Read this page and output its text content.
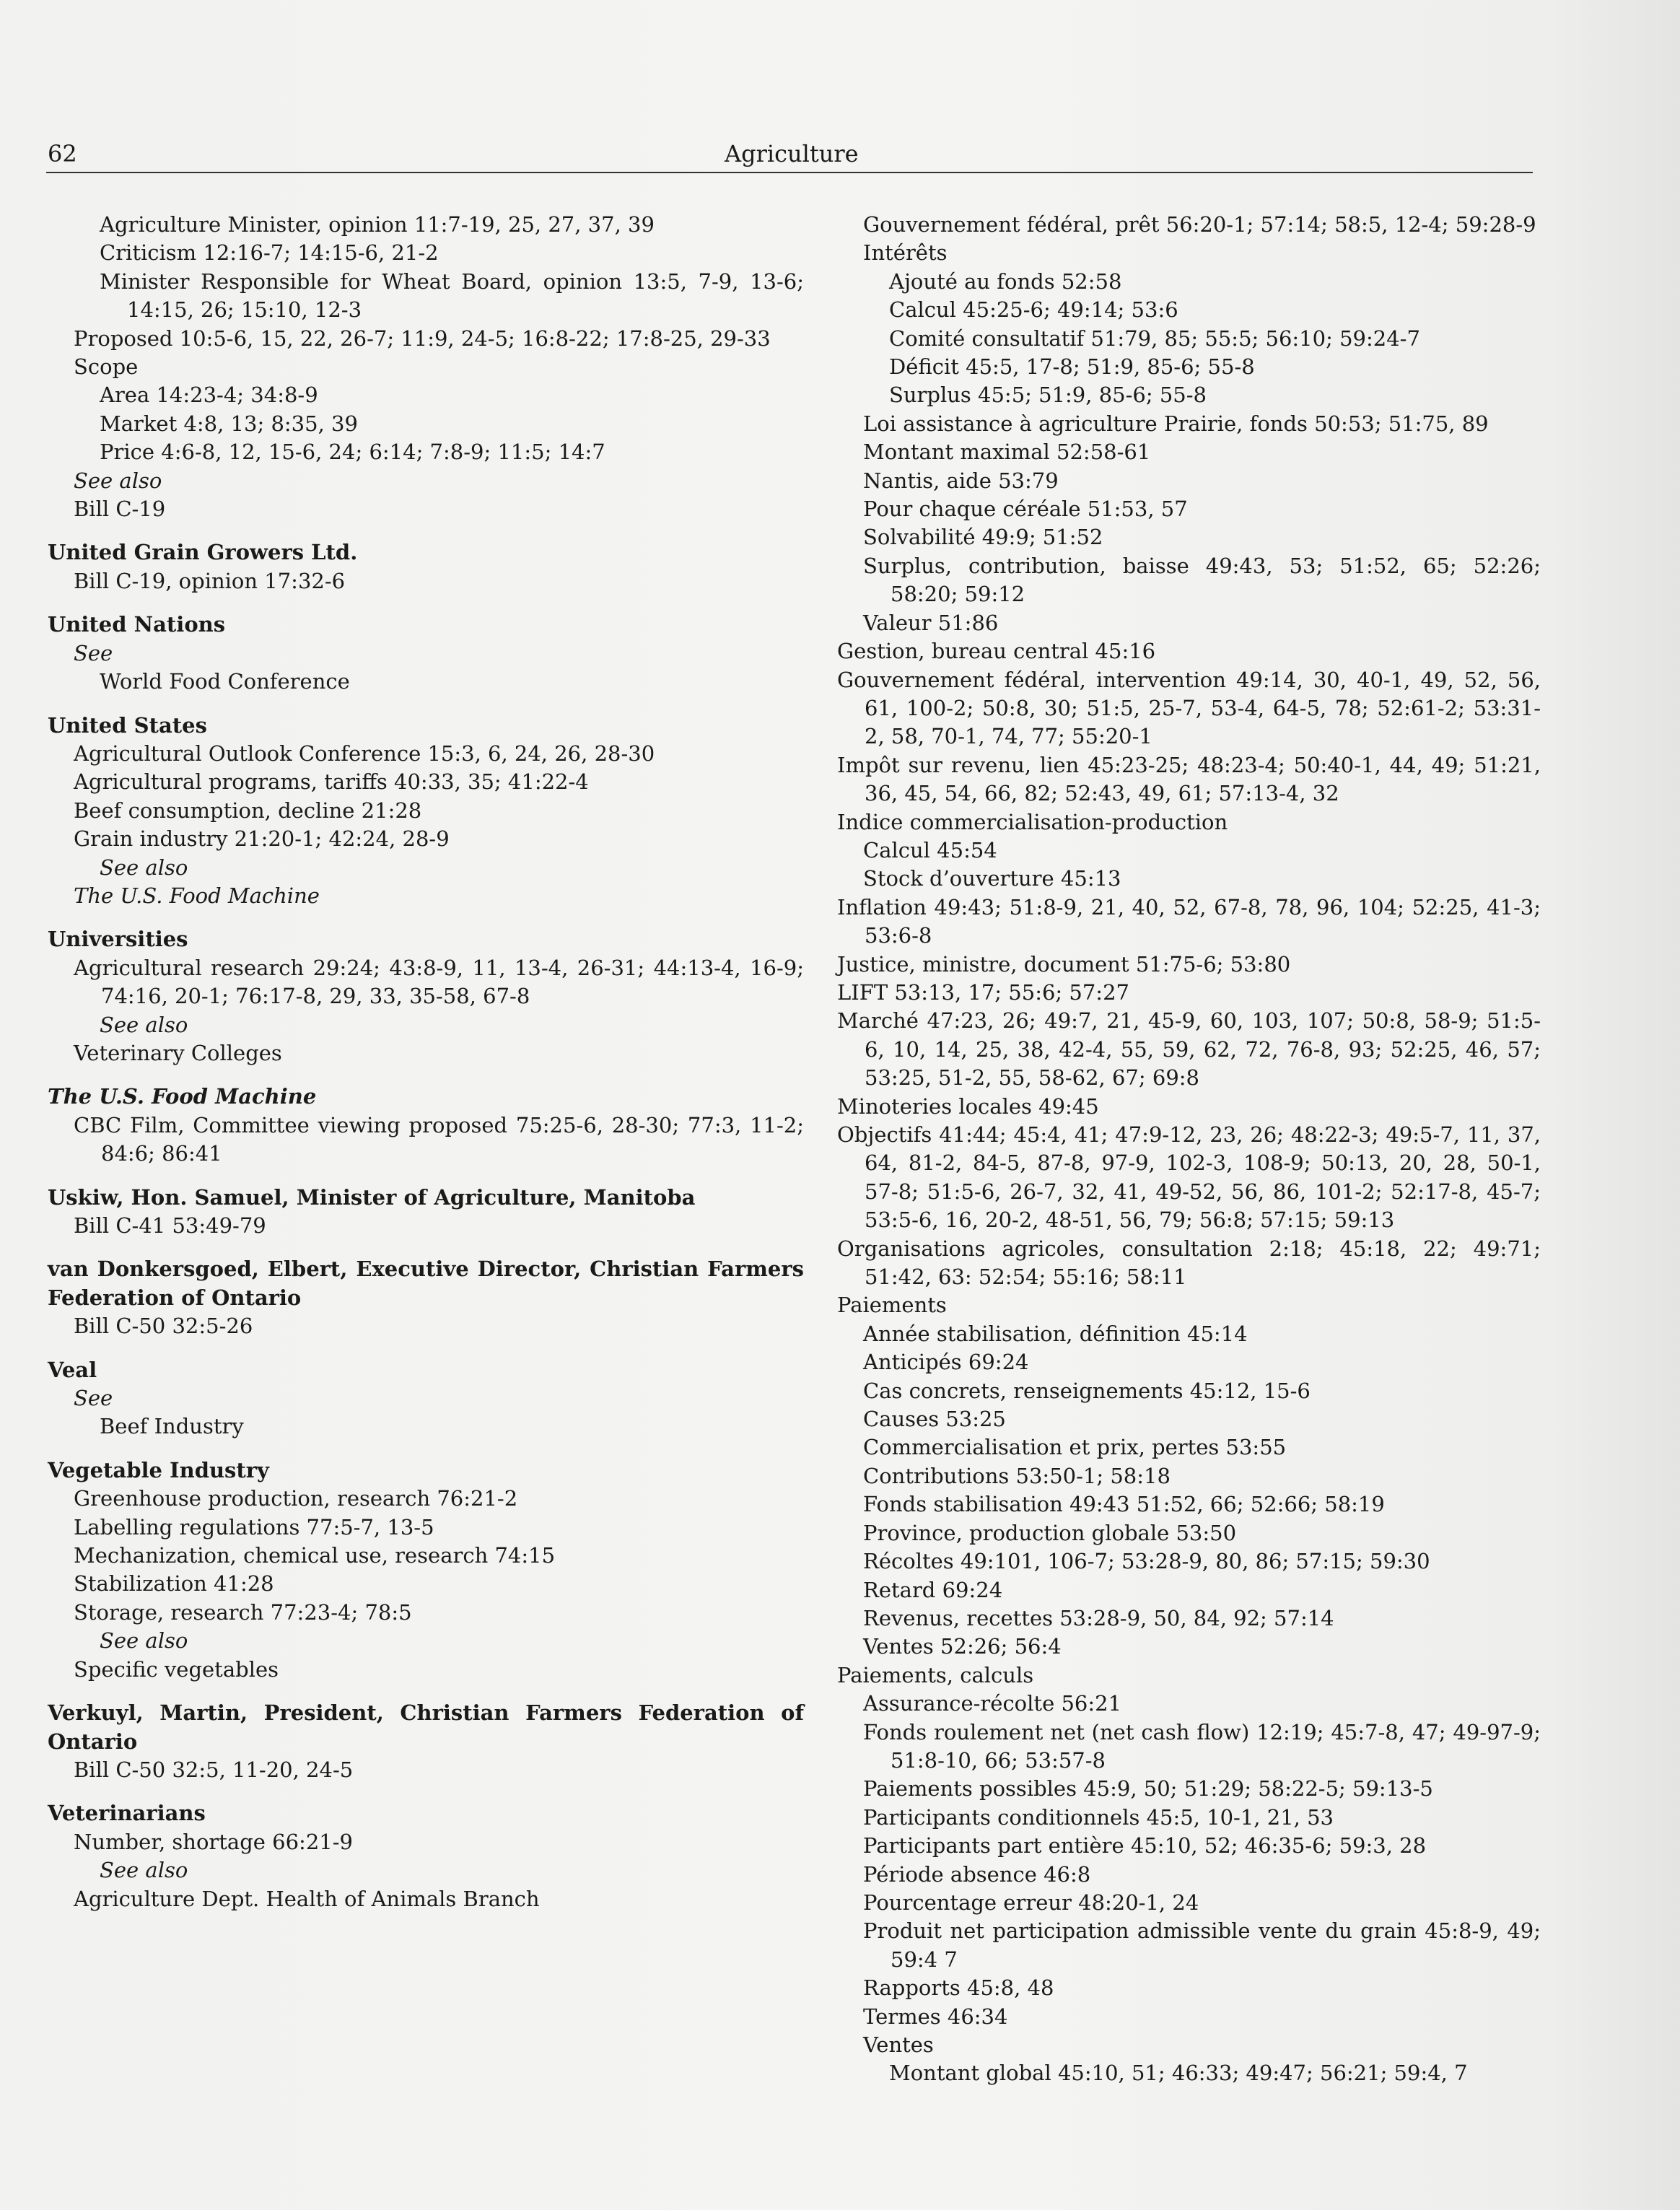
62	Agriculture

Agriculture Minister, opinion 11:7-19, 25, 27, 37, 39

Criticism 12:16-7; 14:15-6, 21-2

Minister Responsible for Wheat Board, opinion 13:5, 7-9, 13-6; 14:15, 26; 15:10, 12-3

Proposed 10:5-6, 15, 22, 26-7; 11:9, 24-5; 16:8-22; 17:8-25, 29-33

Scope

Area 14:23-4; 34:8-9

Market 4:8, 13; 8:35, 39

Price 4:6-8, 12, 15-6, 24; 6:14; 7:8-9; 11:5; 14:7

See also

Bill C-19

United Grain Growers Ltd.

Bill C-19, opinion 17:32-6

United Nations

See

World Food Conference

United States

Agricultural Outlook Conference 15:3, 6, 24, 26, 28-30

Agricultural programs, tariffs 40:33, 35; 41:22-4

Beef consumption, decline 21:28

Grain industry 21:20-1; 42:24, 28-9

See also

The U.S. Food Machine

Universities

Agricultural research 29:24; 43:8-9, 11, 13-4, 26-31; 44:13-4, 16-9; 74:16, 20-1; 76:17-8, 29, 33, 35-58, 67-8

See also

Veterinary Colleges

The U.S. Food Machine

CBC Film, Committee viewing proposed 75:25-6, 28-30; 77:3, 11-2; 84:6; 86:41

Uskiw, Hon. Samuel, Minister of Agriculture, Manitoba

Bill C-41 53:49-79

van Donkersgoed, Elbert, Executive Director, Christian Farmers Federation of Ontario

Bill C-50 32:5-26

Veal

See

Beef Industry

Vegetable Industry

Greenhouse production, research 76:21-2

Labelling regulations 77:5-7, 13-5

Mechanization, chemical use, research 74:15

Stabilization 41:28

Storage, research 77:23-4; 78:5

See also

Specific vegetables

Verkuyl, Martin, President, Christian Farmers Federation of Ontario

Bill C-50 32:5, 11-20, 24-5

Veterinarians

Number, shortage 66:21-9

See also

Agriculture Dept. Health of Animals Branch

Gouvernement fédéral, prêt 56:20-1; 57:14; 58:5, 12-4; 59:28-9

Intérêts

Ajouté au fonds 52:58

Calcul 45:25-6; 49:14; 53:6

Comité consultatif 51:79, 85; 55:5; 56:10; 59:24-7

Déficit 45:5, 17-8; 51:9, 85-6; 55-8

Surplus 45:5; 51:9, 85-6; 55-8

Loi assistance à agriculture Prairie, fonds 50:53; 51:75, 89

Montant maximal 52:58-61

Nantis, aide 53:79

Pour chaque céréale 51:53, 57

Solvabilité 49:9; 51:52

Surplus, contribution, baisse 49:43, 53; 51:52, 65; 52:26; 58:20; 59:12

Valeur 51:86

Gestion, bureau central 45:16

Gouvernement fédéral, intervention 49:14, 30, 40-1, 49, 52, 56, 61, 100-2; 50:8, 30; 51:5, 25-7, 53-4, 64-5, 78; 52:61-2; 53:31-2, 58, 70-1, 74, 77; 55:20-1

Impôt sur revenu, lien 45:23-25; 48:23-4; 50:40-1, 44, 49; 51:21, 36, 45, 54, 66, 82; 52:43, 49, 61; 57:13-4, 32

Indice commercialisation-production

Calcul 45:54

Stock d’ouverture 45:13

Inflation 49:43; 51:8-9, 21, 40, 52, 67-8, 78, 96, 104; 52:25, 41-3; 53:6-8

Justice, ministre, document 51:75-6; 53:80

LIFT 53:13, 17; 55:6; 57:27

Marché 47:23, 26; 49:7, 21, 45-9, 60, 103, 107; 50:8, 58-9; 51:5-6, 10, 14, 25, 38, 42-4, 55, 59, 62, 72, 76-8, 93; 52:25, 46, 57; 53:25, 51-2, 55, 58-62, 67; 69:8

Minoteries locales 49:45

Objectifs 41:44; 45:4, 41; 47:9-12, 23, 26; 48:22-3; 49:5-7, 11, 37, 64, 81-2, 84-5, 87-8, 97-9, 102-3, 108-9; 50:13, 20, 28, 50-1, 57-8; 51:5-6, 26-7, 32, 41, 49-52, 56, 86, 101-2; 52:17-8, 45-7; 53:5-6, 16, 20-2, 48-51, 56, 79; 56:8; 57:15; 59:13

Organisations agricoles, consultation 2:18; 45:18, 22; 49:71; 51:42, 63: 52:54; 55:16; 58:11

Paiements

Année stabilisation, définition 45:14

Anticipés 69:24

Cas concrets, renseignements 45:12, 15-6

Causes 53:25

Commercialisation et prix, pertes 53:55

Contributions 53:50-1; 58:18

Fonds stabilisation 49:43 51:52, 66; 52:66; 58:19

Province, production globale 53:50

Récoltes 49:101, 106-7; 53:28-9, 80, 86; 57:15; 59:30

Retard 69:24

Revenus, recettes 53:28-9, 50, 84, 92; 57:14

Ventes 52:26; 56:4

Paiements, calculs

Assurance-récolte 56:21

Fonds roulement net (net cash flow) 12:19; 45:7-8, 47; 49-97-9; 51:8-10, 66; 53:57-8

Paiements possibles 45:9, 50; 51:29; 58:22-5; 59:13-5

Participants conditionnels 45:5, 10-1, 21, 53

Participants part entière 45:10, 52; 46:35-6; 59:3, 28

Période absence 46:8

Pourcentage erreur 48:20-1, 24

Produit net participation admissible vente du grain 45:8-9, 49; 59:4 7

Rapports 45:8, 48

Termes 46:34

Ventes

Montant global 45:10, 51; 46:33; 49:47; 56:21; 59:4, 7
